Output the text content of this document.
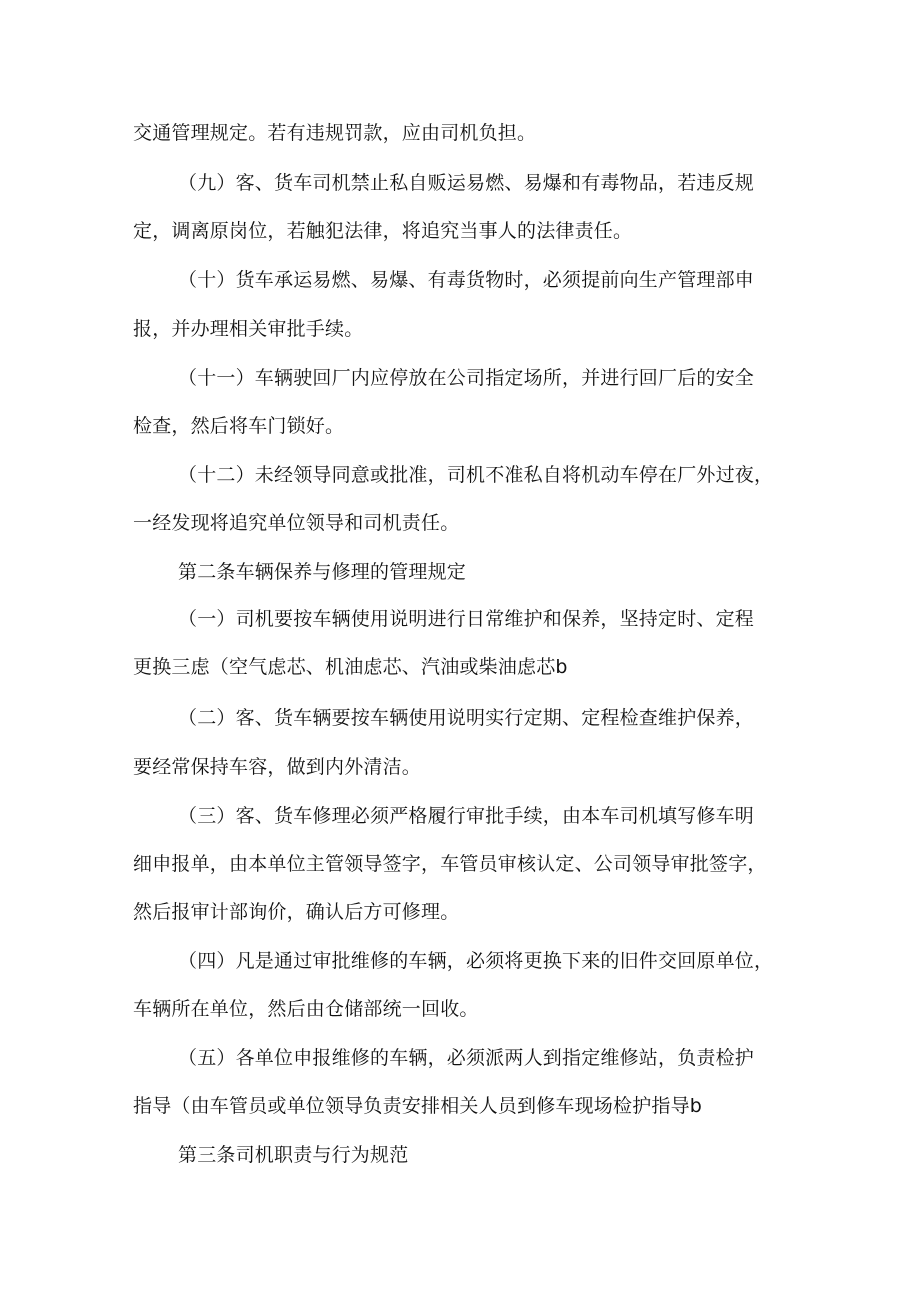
交通管理规定。若有违规罚款，应由司机负担。
（九）客、货车司机禁止私自贩运易燃、易爆和有毒物品，若违反规
定，调离原岗位，若触犯法律，将追究当事人的法律责任。
（十）货车承运易燃、易爆、有毒货物时，必须提前向生产管理部申
报，并办理相关审批手续。
（十一）车辆驶回厂内应停放在公司指定场所，并进行回厂后的安全
检查，然后将车门锁好。
（十二）未经领导同意或批准，司机不准私自将机动车停在厂外过夜，
一经发现将追究单位领导和司机责任。
第二条车辆保养与修理的管理规定
（一）司机要按车辆使用说明进行日常维护和保养，坚持定时、定程
更换三虑（空气虑芯、机油虑芯、汽油或柴油虑芯b
（二）客、货车辆要按车辆使用说明实行定期、定程检查维护保养，
要经常保持车容，做到内外清洁。
（三）客、货车修理必须严格履行审批手续，由本车司机填写修车明
细申报单，由本单位主管领导签字，车管员审核认定、公司领导审批签字，
然后报审计部询价，确认后方可修理。
（四）凡是通过审批维修的车辆，必须将更换下来的旧件交回原单位，
车辆所在单位，然后由仓储部统一回收。
（五）各单位申报维修的车辆，必须派两人到指定维修站，负责检护
指导（由车管员或单位领导负责安排相关人员到修车现场检护指导b
第三条司机职责与行为规范
